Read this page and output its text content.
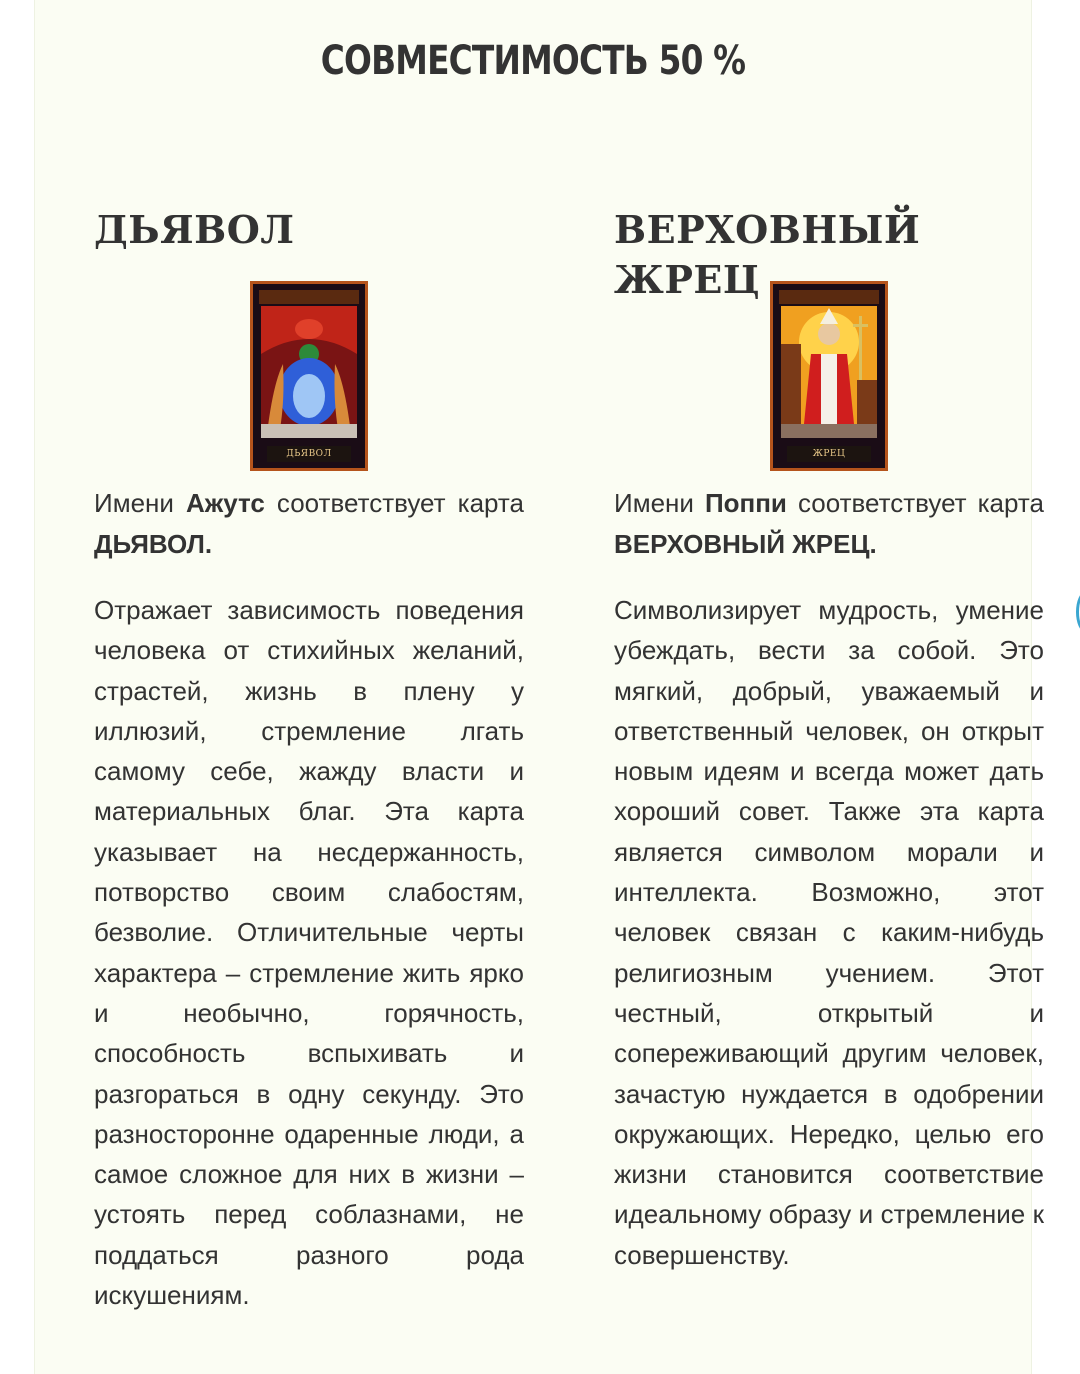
СОВМЕСТИМОСТЬ 50 %
ДЬЯВОЛ
ДЬЯВОЛ

Имени Ажутс соответствует карта ДЬЯВОЛ.

Отражает зависимость поведения человека от стихийных желаний, страстей, жизнь в плену у иллюзий, стремление лгать самому себе, жажду власти и материальных благ. Эта карта указывает на несдержанность, потворство своим слабостям, безволие. Отличительные черты характера – стремление жить ярко и необычно, горячность, способность вспыхивать и разгораться в одну секунду. Это разносторонне одаренные люди, а самое сложное для них в жизни – устоять перед соблазнами, не поддаться разного рода искушениям.

ВЕРХОВНЫЙ ЖРЕЦ
ЖРЕЦ

Имени Поппи соответствует карта ВЕРХОВНЫЙ ЖРЕЦ.

Символизирует мудрость, умение убеждать, вести за собой. Это мягкий, добрый, уважаемый и ответственный человек, он открыт новым идеям и всегда может дать хороший совет. Также эта карта является символом морали и интеллекта. Возможно, этот человек связан с каким-нибудь религиозным учением. Этот честный, открытый и сопереживающий другим человек, зачастую нуждается в одобрении окружающих. Нередко, целью его жизни становится соответствие идеальному образу и стремление к совершенству.
